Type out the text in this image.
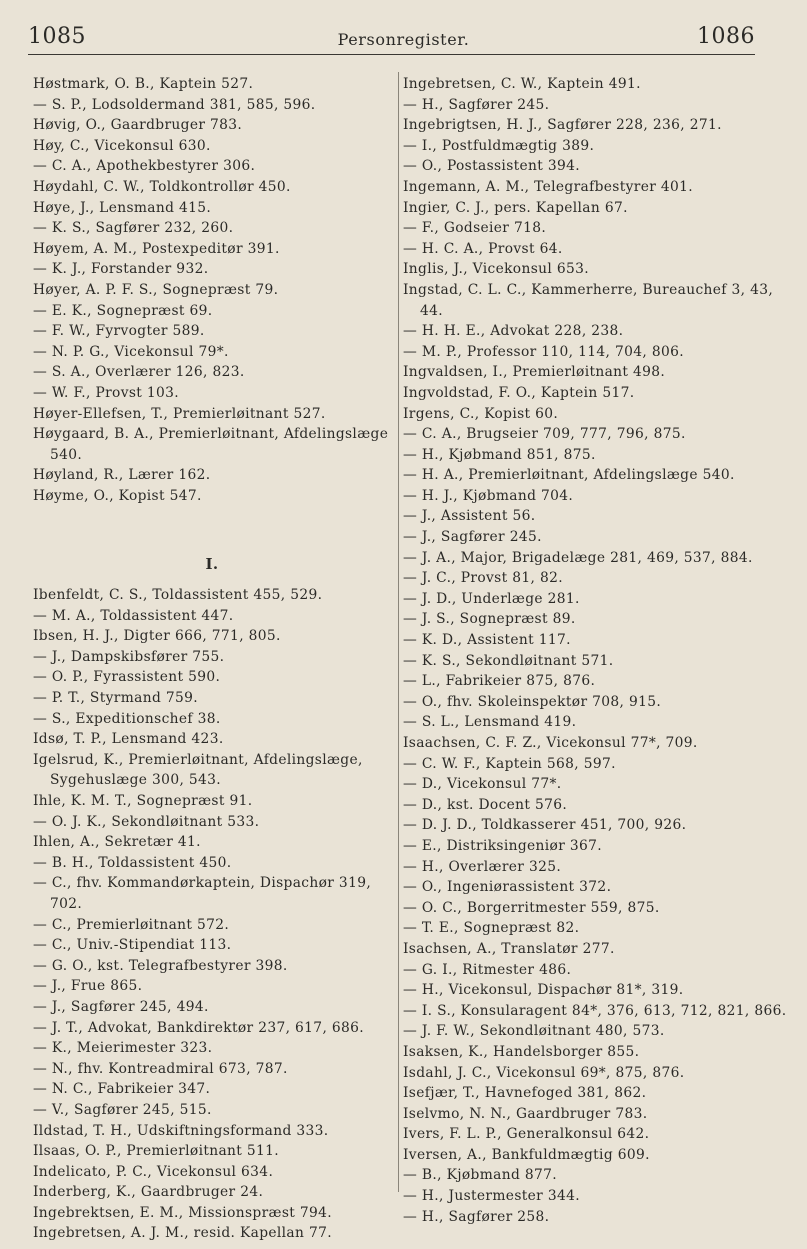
1085	Personregister.	1086
Høstmark, O. B., Kaptein 527.
— S. P., Lodsoldermand 381, 585, 596.
Høvig, O., Gaardbruger 783.
Høy, C., Vicekonsul 630.
— C. A., Apothekbestyrer 306.
Høydahl, C. W., Toldkontrollør 450.
Høye, J., Lensmand 415.
— K. S., Sagfører 232, 260.
Høyem, A. M., Postexpeditør 391.
— K. J., Forstander 932.
Høyer, A. P. F. S., Sognepræst 79.
— E. K., Sognepræst 69.
— F. W., Fyrvogter 589.
— N. P. G., Vicekonsul 79*.
— S. A., Overlærer 126, 823.
— W. F., Provst 103.
Høyer-Ellefsen, T., Premierløitnant 527.
Høygaard, B. A., Premierløitnant, Afdelingslæge 540.
Høyland, R., Lærer 162.
Høyme, O., Kopist 547.
I.
Ibenfeldt, C. S., Toldassistent 455, 529.
— M. A., Toldassistent 447.
Ibsen, H. J., Digter 666, 771, 805.
— J., Dampskibsfører 755.
— O. P., Fyrassistent 590.
— P. T., Styrmand 759.
— S., Expeditionschef 38.
Idsø, T. P., Lensmand 423.
Igelsrud, K., Premierløitnant, Afdelingslæge, Sygehuslæge 300, 543.
Ihle, K. M. T., Sognepræst 91.
— O. J. K., Sekondløitnant 533.
Ihlen, A., Sekretær 41.
— B. H., Toldassistent 450.
— C., fhv. Kommandørkaptein, Dispachør 319, 702.
— C., Premierløitnant 572.
— C., Univ.-Stipendiat 113.
— G. O., kst. Telegrafbestyrer 398.
— J., Frue 865.
— J., Sagfører 245, 494.
— J. T., Advokat, Bankdirektør 237, 617, 686.
— K., Meierimester 323.
— N., fhv. Kontreadmiral 673, 787.
— N. C., Fabrikeier 347.
— V., Sagfører 245, 515.
Ildstad, T. H., Udskiftningsformand 333.
Ilsaas, O. P., Premierløitnant 511.
Indelicato, P. C., Vicekonsul 634.
Inderberg, K., Gaardbruger 24.
Ingebrektsen, E. M., Missionspræst 794.
Ingebretsen, A. J. M., resid. Kapellan 77.
Ingebretsen, C. W., Kaptein 491.
— H., Sagfører 245.
Ingebrigtsen, H. J., Sagfører 228, 236, 271.
— I., Postfuldmægtig 389.
— O., Postassistent 394.
Ingemann, A. M., Telegrafbestyrer 401.
Ingier, C. J., pers. Kapellan 67.
— F., Godseier 718.
— H. C. A., Provst 64.
Inglis, J., Vicekonsul 653.
Ingstad, C. L. C., Kammerherre, Bureauchef 3, 43, 44.
— H. H. E., Advokat 228, 238.
— M. P., Professor 110, 114, 704, 806.
Ingvaldsen, I., Premierløitnant 498.
Ingvoldstad, F. O., Kaptein 517.
Irgens, C., Kopist 60.
— C. A., Brugseier 709, 777, 796, 875.
— H., Kjøbmand 851, 875.
— H. A., Premierløitnant, Afdelingslæge 540.
— H. J., Kjøbmand 704.
— J., Assistent 56.
— J., Sagfører 245.
— J. A., Major, Brigadelæge 281, 469, 537, 884.
— J. C., Provst 81, 82.
— J. D., Underlæge 281.
— J. S., Sognepræst 89.
— K. D., Assistent 117.
— K. S., Sekondløitnant 571.
— L., Fabrikeier 875, 876.
— O., fhv. Skoleinspektør 708, 915.
— S. L., Lensmand 419.
Isaachsen, C. F. Z., Vicekonsul 77*, 709.
— C. W. F., Kaptein 568, 597.
— D., Vicekonsul 77*.
— D., kst. Docent 576.
— D. J. D., Toldkasserer 451, 700, 926.
— E., Distriksingeniør 367.
— H., Overlærer 325.
— O., Ingeniørassistent 372.
— O. C., Borgerritmester 559, 875.
— T. E., Sognepræst 82.
Isachsen, A., Translatør 277.
— G. I., Ritmester 486.
— H., Vicekonsul, Dispachør 81*, 319.
— I. S., Konsularagent 84*, 376, 613, 712, 821, 866.
— J. F. W., Sekondløitnant 480, 573.
Isaksen, K., Handelsborger 855.
Isdahl, J. C., Vicekonsul 69*, 875, 876.
Isefjær, T., Havnefoged 381, 862.
Iselvmo, N. N., Gaardbruger 783.
Ivers, F. L. P., Generalkonsul 642.
Iversen, A., Bankfuldmægtig 609.
— B., Kjøbmand 877.
— H., Justermester 344.
— H., Sagfører 258.
